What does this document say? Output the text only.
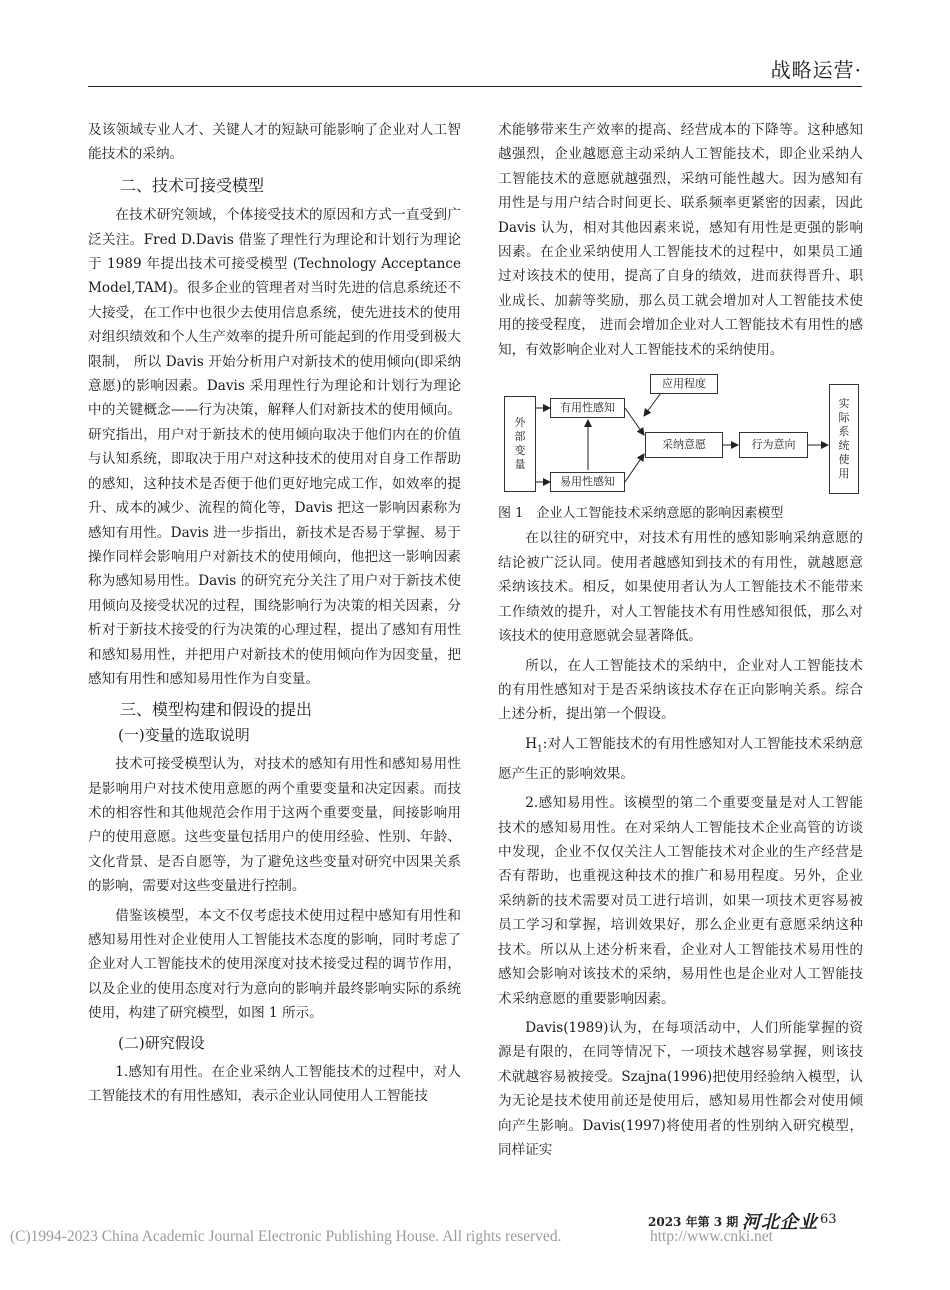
战略运营·

及该领域专业人才、关键人才的短缺可能影响了企业对人工智能技术的采纳。

二、技术可接受模型

在技术研究领域，个体接受技术的原因和方式一直受到广泛关注。Fred D.Davis 借鉴了理性行为理论和计划行为理论于 1989 年提出技术可接受模型 (Technology Acceptance Model,TAM)。很多企业的管理者对当时先进的信息系统还不大接受，在工作中也很少去使用信息系统，使先进技术的使用对组织绩效和个人生产效率的提升所可能起到的作用受到极大限制， 所以 Davis 开始分析用户对新技术的使用倾向(即采纳意愿)的影响因素。Davis 采用理性行为理论和计划行为理论中的关键概念——行为决策，解释人们对新技术的使用倾向。研究指出，用户对于新技术的使用倾向取决于他们内在的价值与认知系统，即取决于用户对这种技术的使用对自身工作帮助的感知，这种技术是否便于他们更好地完成工作，如效率的提升、成本的减少、流程的简化等，Davis 把这一影响因素称为感知有用性。Davis 进一步指出，新技术是否易于掌握、易于操作同样会影响用户对新技术的使用倾向，他把这一影响因素称为感知易用性。Davis 的研究充分关注了用户对于新技术使用倾向及接受状况的过程，围绕影响行为决策的相关因素，分析对于新技术接受的行为决策的心理过程，提出了感知有用性和感知易用性，并把用户对新技术的使用倾向作为因变量，把感知有用性和感知易用性作为自变量。

三、模型构建和假设的提出

(一)变量的选取说明

技术可接受模型认为，对技术的感知有用性和感知易用性是影响用户对技术使用意愿的两个重要变量和决定因素。而技术的相容性和其他规范会作用于这两个重要变量，间接影响用户的使用意愿。这些变量包括用户的使用经验、性别、年龄、文化背景、是否自愿等，为了避免这些变量对研究中因果关系的影响，需要对这些变量进行控制。

借鉴该模型，本文不仅考虑技术使用过程中感知有用性和感知易用性对企业使用人工智能技术态度的影响，同时考虑了企业对人工智能技术的使用深度对技术接受过程的调节作用，以及企业的使用态度对行为意向的影响并最终影响实际的系统使用，构建了研究模型，如图 1 所示。

(二)研究假设

1.感知有用性。在企业采纳人工智能技术的过程中，对人工智能技术的有用性感知，表示企业认同使用人工智能技

术能够带来生产效率的提高、经营成本的下降等。这种感知越强烈，企业越愿意主动采纳人工智能技术，即企业采纳人工智能技术的意愿就越强烈，采纳可能性越大。因为感知有用性是与用户结合时间更长、联系频率更紧密的因素，因此 Davis 认为，相对其他因素来说，感知有用性是更强的影响因素。在企业采纳使用人工智能技术的过程中，如果员工通过对该技术的使用，提高了自身的绩效，进而获得晋升、职业成长、加薪等奖励，那么员工就会增加对人工智能技术使用的接受程度， 进而会增加企业对人工智能技术有用性的感知，有效影响企业对人工智能技术的采纳使用。

外
部
变
量
有用性感知
易用性感知
应用程度
采纳意愿	行为意向
实
际
系
统
使
用

图 1　企业人工智能技术采纳意愿的影响因素模型

在以往的研究中，对技术有用性的感知影响采纳意愿的结论被广泛认同。使用者越感知到技术的有用性，就越愿意采纳该技术。相反，如果使用者认为人工智能技术不能带来工作绩效的提升，对人工智能技术有用性感知很低，那么对该技术的使用意愿就会显著降低。

所以，在人工智能技术的采纳中，企业对人工智能技术的有用性感知对于是否采纳该技术存在正向影响关系。综合上述分析，提出第一个假设。

$H_1$:对人工智能技术的有用性感知对人工智能技术采纳意愿产生正的影响效果。

2.感知易用性。该模型的第二个重要变量是对人工智能技术的感知易用性。在对采纳人工智能技术企业高管的访谈中发现，企业不仅仅关注人工智能技术对企业的生产经营是否有帮助，也重视这种技术的推广和易用程度。另外，企业采纳新的技术需要对员工进行培训，如果一项技术更容易被员工学习和掌握，培训效果好，那么企业更有意愿采纳这种技术。所以从上述分析来看，企业对人工智能技术易用性的感知会影响对该技术的采纳，易用性也是企业对人工智能技术采纳意愿的重要影响因素。

Davis(1989)认为，在每项活动中，人们所能掌握的资源是有限的，在同等情况下，一项技术越容易掌握，则该技术就越容易被接受。Szajna(1996)把使用经验纳入模型，认为无论是技术使用前还是使用后，感知易用性都会对使用倾向产生影响。Davis(1997)将使用者的性别纳入研究模型，同样证实

(C)1994-2023 China Academic Journal Electronic Publishing House. All rights reserved.
2023 年第 3 期 河北企业 63
http://www.cnki.net
